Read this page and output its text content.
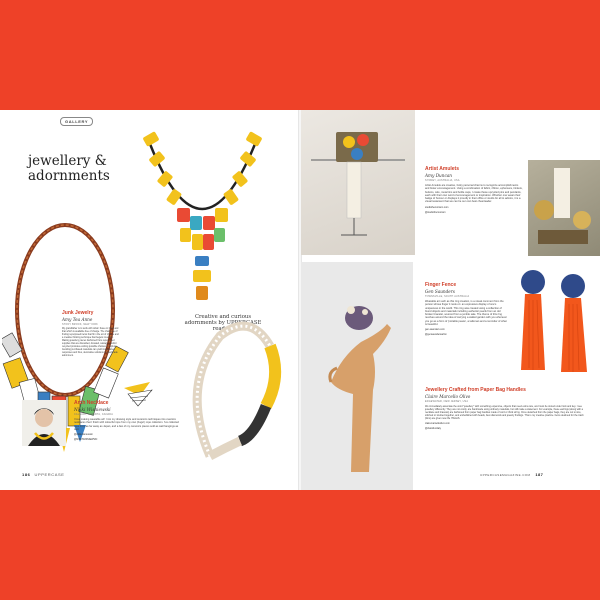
GALLERY
jewellery &
adornments
Junk Jewelry
Amy Tea Anne
STONY BROOK, NEW YORK
My grandfather is to work with what I have on hand and that which is available free of charge. The challenge of finding repurposed items that fit in the art of chance and a creative thinking technique that begets invention. Making jewellery pieces fashioned from repurposed supplies that are discarded, donated, salvaged and/or recycled provides exciting possible choices to explore. Avoiding purchased materials can yield imaginative responses and thus, decorative solutions to handmade adornment.
Creative and curious adornments by UPPERCASE readers
Arch Necklace
Nikki Wisniewski
CALGARY, ALBERTA, CANADA
I love making wearable art! I mix my drawing style and ceramics techniques into oversize necklaces that I finish with colourful rope from my own (huge!) rope collection. I've collected rope from as far away as Japan, and a few of my ceramics pieces sold as wall hangings as well.
@nikkiwisniewski
@NIKKIWISNIEWSKI
Artist Amulets
Amy Duncan
SYDNEY, AUSTRALIA, USA
Artist Amulets are creative, funky personal charms to recognize accomplishments and foster encouragement. Using a combination of fabric, ribbon, ephemera, trinkets, buttons, wire, metal tins and bottle caps, I create these upcycled pins and pendants, each with their own word of encouragement or inspiration. Whether one wears their badge of honour or displays it proudly in their office or studio for all to admire, it is a visual testament that we can be our own best cheerleader.
studiothemonium.com
@studiothemonium
Finger Fence
Gen Saunders
TOWNSVILLE, SOUTH AUSTRALIA
Wearable art such as this ring creation, is a visual comment from the person whose finger it rests on: an expressive display of one's uniqueness in the world. This ring was created using a collection of found objects and materials including authentic pearls from an old broken bracelet, sourced from a jumble sale. The theme of this ring revolves around the idea of carrying a walled garden with you wherever you go as a form of 'portable peace', a talisman and a reminder of what is beautiful.
gen-saunders.com
@gensaundersartist
Jewellery Crafted from Paper Bag Handles
Claire Marcello Olivo
EDGEWATER, NEW JERSEY, USA
We immediately associate the word "jewellery" with something expensive, objects that need extra care, and must be stored under lock and key. I see jewellery differently. They are not costly, are handmade using ordinary materials, but still make a statement. For example, these earrings (along with a necklace and bracelet) are fashioned from paper bag handles made of cord or thick string. Once detached from the paper bags, they are cut to size, stitched or knotted together, and embellished with beads, faux diamonds and jewelry findings. This is my creative practice. Items destined for the trash (bins) are given new life ITAGAS.
clairemarcelloolivo.com
@clairolivoitaly
186 UPPERCASE	UPPERCASEMAGAZINE.COM 187
